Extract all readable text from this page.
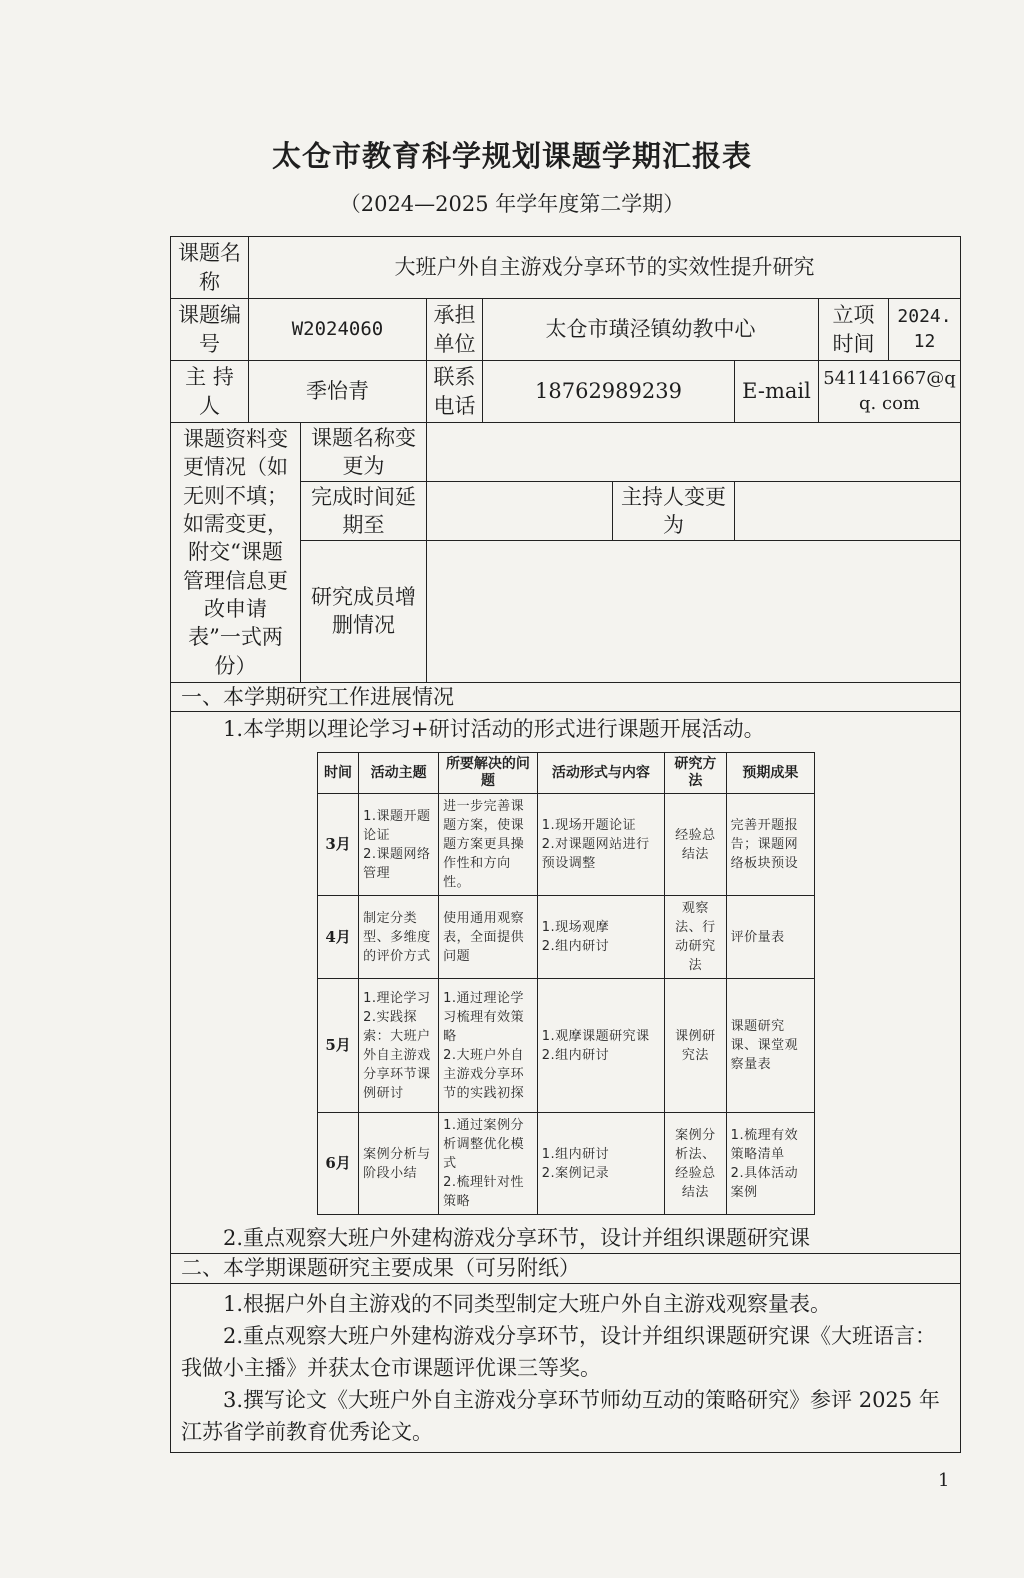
太仓市教育科学规划课题学期汇报表
（2024—2025 年学年度第二学期）
课题名称	大班户外自主游戏分享环节的实效性提升研究
课题编号	W2024060	承担单位	太仓市璜泾镇幼教中心	立项时间	2024. 12
主 持 人	季怡青	联系电话	18762989239	E-mail	541141667@qq. com
课题资料变更情况（如无则不填；如需变更，附交“课题管理信息更改申请表”一式两份）	课题名称变更为	
完成时间延期至		主持人变更为	
研究成员增删情况	
一、本学期研究工作进展情况

1.本学期以理论学习+研讨活动的形式进行课题开展活动。

时间	活动主题	所要解决的问题	活动形式与内容	研究方法	预期成果
3月	1.课题开题论证
2.课题网络管理	进一步完善课题方案，使课题方案更具操作性和方向性。	1.现场开题论证
2.对课题网站进行预设调整	经验总结法	完善开题报告；课题网络板块预设
4月	制定分类型、多维度的评价方式	使用通用观察表，全面提供问题	1.现场观摩
2.组内研讨	观察法、行动研究法	评价量表
5月	1.理论学习
2.实践探索：大班户外自主游戏分享环节课例研讨	1.通过理论学习梳理有效策略
2.大班户外自主游戏分享环节的实践初探	1.观摩课题研究课
2.组内研讨	课例研究法	课题研究课、课堂观察量表
6月	案例分析与阶段小结	1.通过案例分析调整优化模式
2.梳理针对性策略	1.组内研讨
2.案例记录	案例分析法、经验总结法	1.梳理有效策略清单
2.具体活动案例

2.重点观察大班户外建构游戏分享环节，设计并组织课题研究课

二、本学期课题研究主要成果（可另附纸）

1.根据户外自主游戏的不同类型制定大班户外自主游戏观察量表。

2.重点观察大班户外建构游戏分享环节，设计并组织课题研究课《大班语言：我做小主播》并获太仓市课题评优课三等奖。

3.撰写论文《大班户外自主游戏分享环节师幼互动的策略研究》参评 2025 年江苏省学前教育优秀论文。

1
